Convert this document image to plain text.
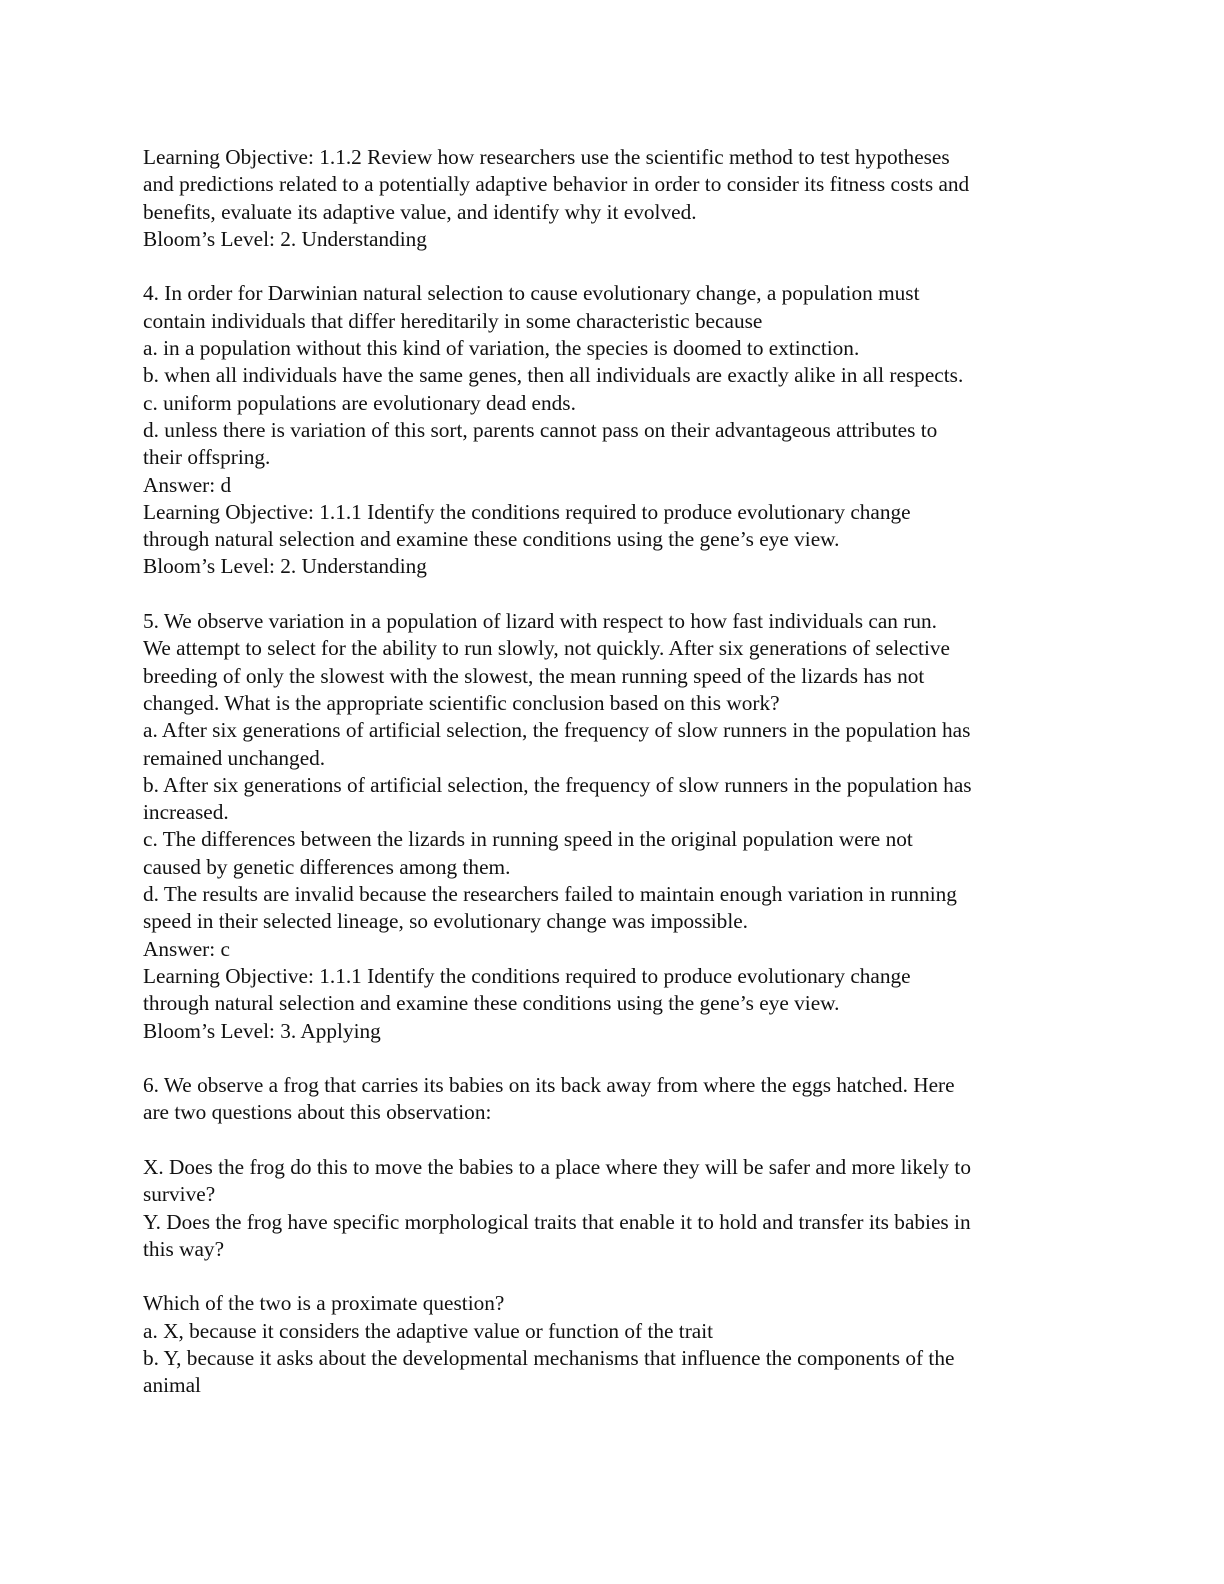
Learning Objective: 1.1.2 Review how researchers use the scientific method to test hypotheses
and predictions related to a potentially adaptive behavior in order to consider its fitness costs and
benefits, evaluate its adaptive value, and identify why it evolved.
Bloom’s Level: 2. Understanding
4. In order for Darwinian natural selection to cause evolutionary change, a population must
contain individuals that differ hereditarily in some characteristic because
a. in a population without this kind of variation, the species is doomed to extinction.
b. when all individuals have the same genes, then all individuals are exactly alike in all respects.
c. uniform populations are evolutionary dead ends.
d. unless there is variation of this sort, parents cannot pass on their advantageous attributes to
their offspring.
Answer: d
Learning Objective: 1.1.1 Identify the conditions required to produce evolutionary change
through natural selection and examine these conditions using the gene’s eye view.
Bloom’s Level: 2. Understanding
5. We observe variation in a population of lizard with respect to how fast individuals can run.
We attempt to select for the ability to run slowly, not quickly. After six generations of selective
breeding of only the slowest with the slowest, the mean running speed of the lizards has not
changed. What is the appropriate scientific conclusion based on this work?
a. After six generations of artificial selection, the frequency of slow runners in the population has
remained unchanged.
b. After six generations of artificial selection, the frequency of slow runners in the population has
increased.
c. The differences between the lizards in running speed in the original population were not
caused by genetic differences among them.
d. The results are invalid because the researchers failed to maintain enough variation in running
speed in their selected lineage, so evolutionary change was impossible.
Answer: c
Learning Objective: 1.1.1 Identify the conditions required to produce evolutionary change
through natural selection and examine these conditions using the gene’s eye view.
Bloom’s Level: 3. Applying
6. We observe a frog that carries its babies on its back away from where the eggs hatched. Here
are two questions about this observation:
X. Does the frog do this to move the babies to a place where they will be safer and more likely to
survive?
Y. Does the frog have specific morphological traits that enable it to hold and transfer its babies in
this way?
Which of the two is a proximate question?
a. X, because it considers the adaptive value or function of the trait
b. Y, because it asks about the developmental mechanisms that influence the components of the
animal
